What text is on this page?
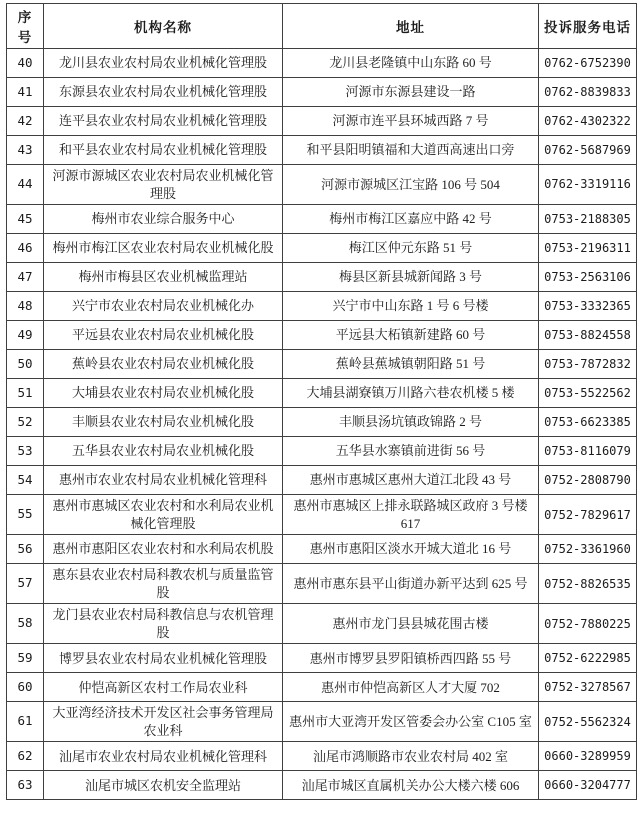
序号	机构名称	地址	投诉服务电话
40	龙川县农业农村局农业机械化管理股	龙川县老隆镇中山东路 60 号	0762-6752390
41	东源县农业农村局农业机械化管理股	河源市东源县建设一路	0762-8839833
42	连平县农业农村局农业机械化管理股	河源市连平县环城西路 7 号	0762-4302322
43	和平县农业农村局农业机械化管理股	和平县阳明镇福和大道西高速出口旁	0762-5687969
44	河源市源城区农业农村局农业机械化管理股	河源市源城区江宝路 106 号 504	0762-3319116
45	梅州市农业综合服务中心	梅州市梅江区嘉应中路 42 号	0753-2188305
46	梅州市梅江区农业农村局农业机械化股	梅江区仲元东路 51 号	0753-2196311
47	梅州市梅县区农业机械监理站	梅县区新县城新闻路 3 号	0753-2563106
48	兴宁市农业农村局农业机械化办	兴宁市中山东路 1 号 6 号楼	0753-3332365
49	平远县农业农村局农业机械化股	平远县大柘镇新建路 60 号	0753-8824558
50	蕉岭县农业农村局农业机械化股	蕉岭县蕉城镇朝阳路 51 号	0753-7872832
51	大埔县农业农村局农业机械化股	大埔县湖寮镇万川路六巷农机楼 5 楼	0753-5522562
52	丰顺县农业农村局农业机械化股	丰顺县汤坑镇政锦路 2 号	0753-6623385
53	五华县农业农村局农业机械化股	五华县水寨镇前进街 56 号	0753-8116079
54	惠州市农业农村局农业机械化管理科	惠州市惠城区惠州大道江北段 43 号	0752-2808790
55	惠州市惠城区农业农村和水利局农业机械化管理股	惠州市惠城区上排永联路城区政府 3 号楼 617	0752-7829617
56	惠州市惠阳区农业农村和水利局农机股	惠州市惠阳区淡水开城大道北 16 号	0752-3361960
57	惠东县农业农村局科教农机与质量监管股	惠州市惠东县平山街道办新平达到 625 号	0752-8826535
58	龙门县农业农村局科教信息与农机管理股	惠州市龙门县县城花围古楼	0752-7880225
59	博罗县农业农村局农业机械化管理股	惠州市博罗县罗阳镇桥西四路 55 号	0752-6222985
60	仲恺高新区农村工作局农业科	惠州市仲恺高新区人才大厦 702	0752-3278567
61	大亚湾经济技术开发区社会事务管理局农业科	惠州市大亚湾开发区管委会办公室 C105 室	0752-5562324
62	汕尾市农业农村局农业机械化管理科	汕尾市鸿顺路市农业农村局 402 室	0660-3289959
63	汕尾市城区农机安全监理站	汕尾市城区直属机关办公大楼六楼 606	0660-3204777
